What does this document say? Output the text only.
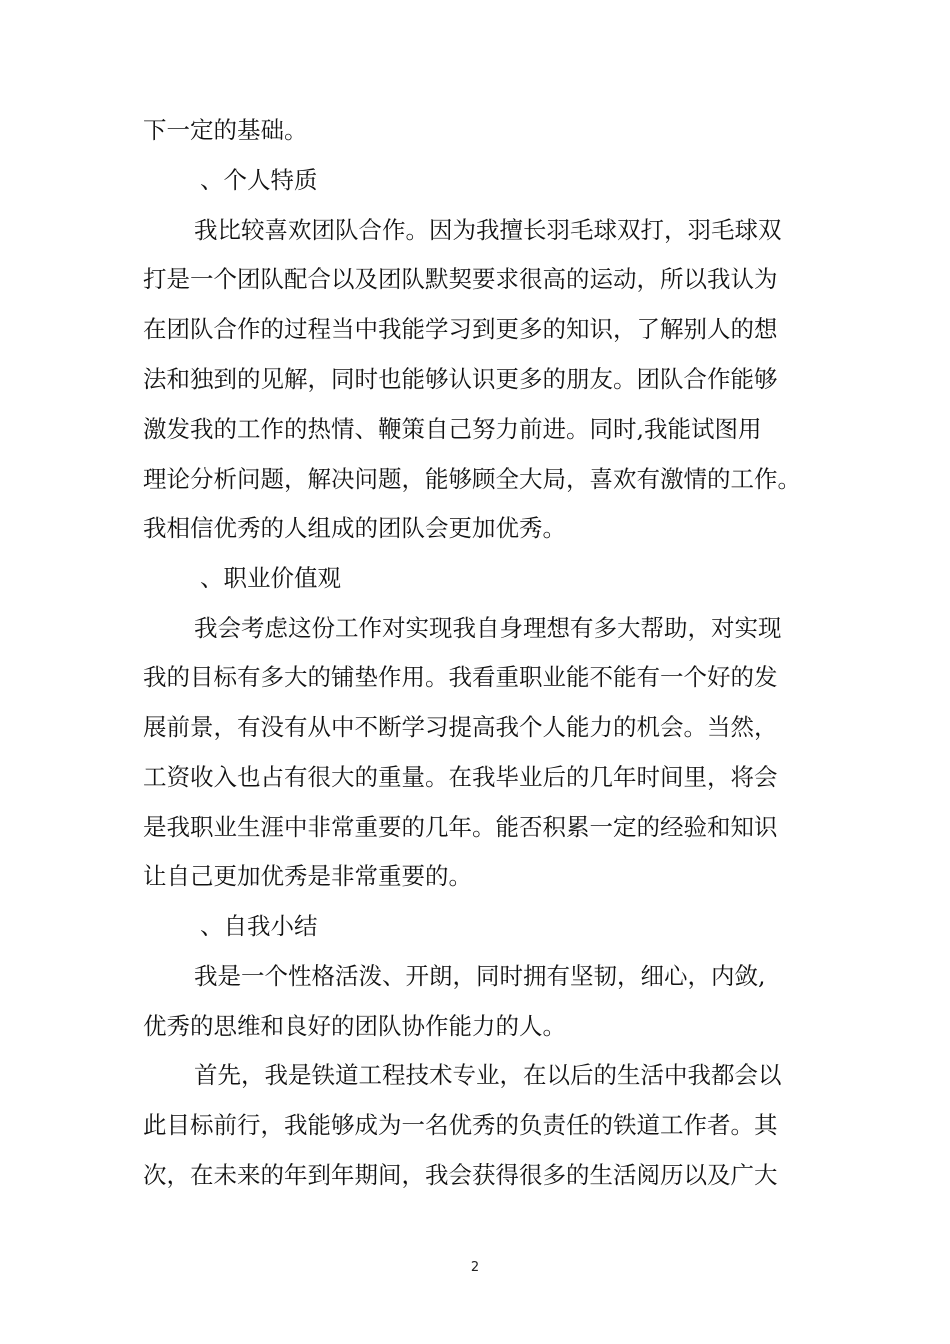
下一定的基础。
、个人特质
我比较喜欢团队合作。因为我擅长羽毛球双打，羽毛球双
打是一个团队配合以及团队默契要求很高的运动，所以我认为
在团队合作的过程当中我能学习到更多的知识，了解别人的想
法和独到的见解，同时也能够认识更多的朋友。团队合作能够
激发我的工作的热情、鞭策自己努力前进。同时,我能试图用
理论分析问题，解决问题，能够顾全大局，喜欢有激情的工作。
我相信优秀的人组成的团队会更加优秀。
、职业价值观
我会考虑这份工作对实现我自身理想有多大帮助，对实现
我的目标有多大的铺垫作用。我看重职业能不能有一个好的发
展前景，有没有从中不断学习提高我个人能力的机会。当然，
工资收入也占有很大的重量。在我毕业后的几年时间里，将会
是我职业生涯中非常重要的几年。能否积累一定的经验和知识
让自己更加优秀是非常重要的。
、自我小结
我是一个性格活泼、开朗，同时拥有坚韧，细心，内敛,
优秀的思维和良好的团队协作能力的人。
首先，我是铁道工程技术专业，在以后的生活中我都会以
此目标前行，我能够成为一名优秀的负责任的铁道工作者。其
次，在未来的年到年期间，我会获得很多的生活阅历以及广大
2
